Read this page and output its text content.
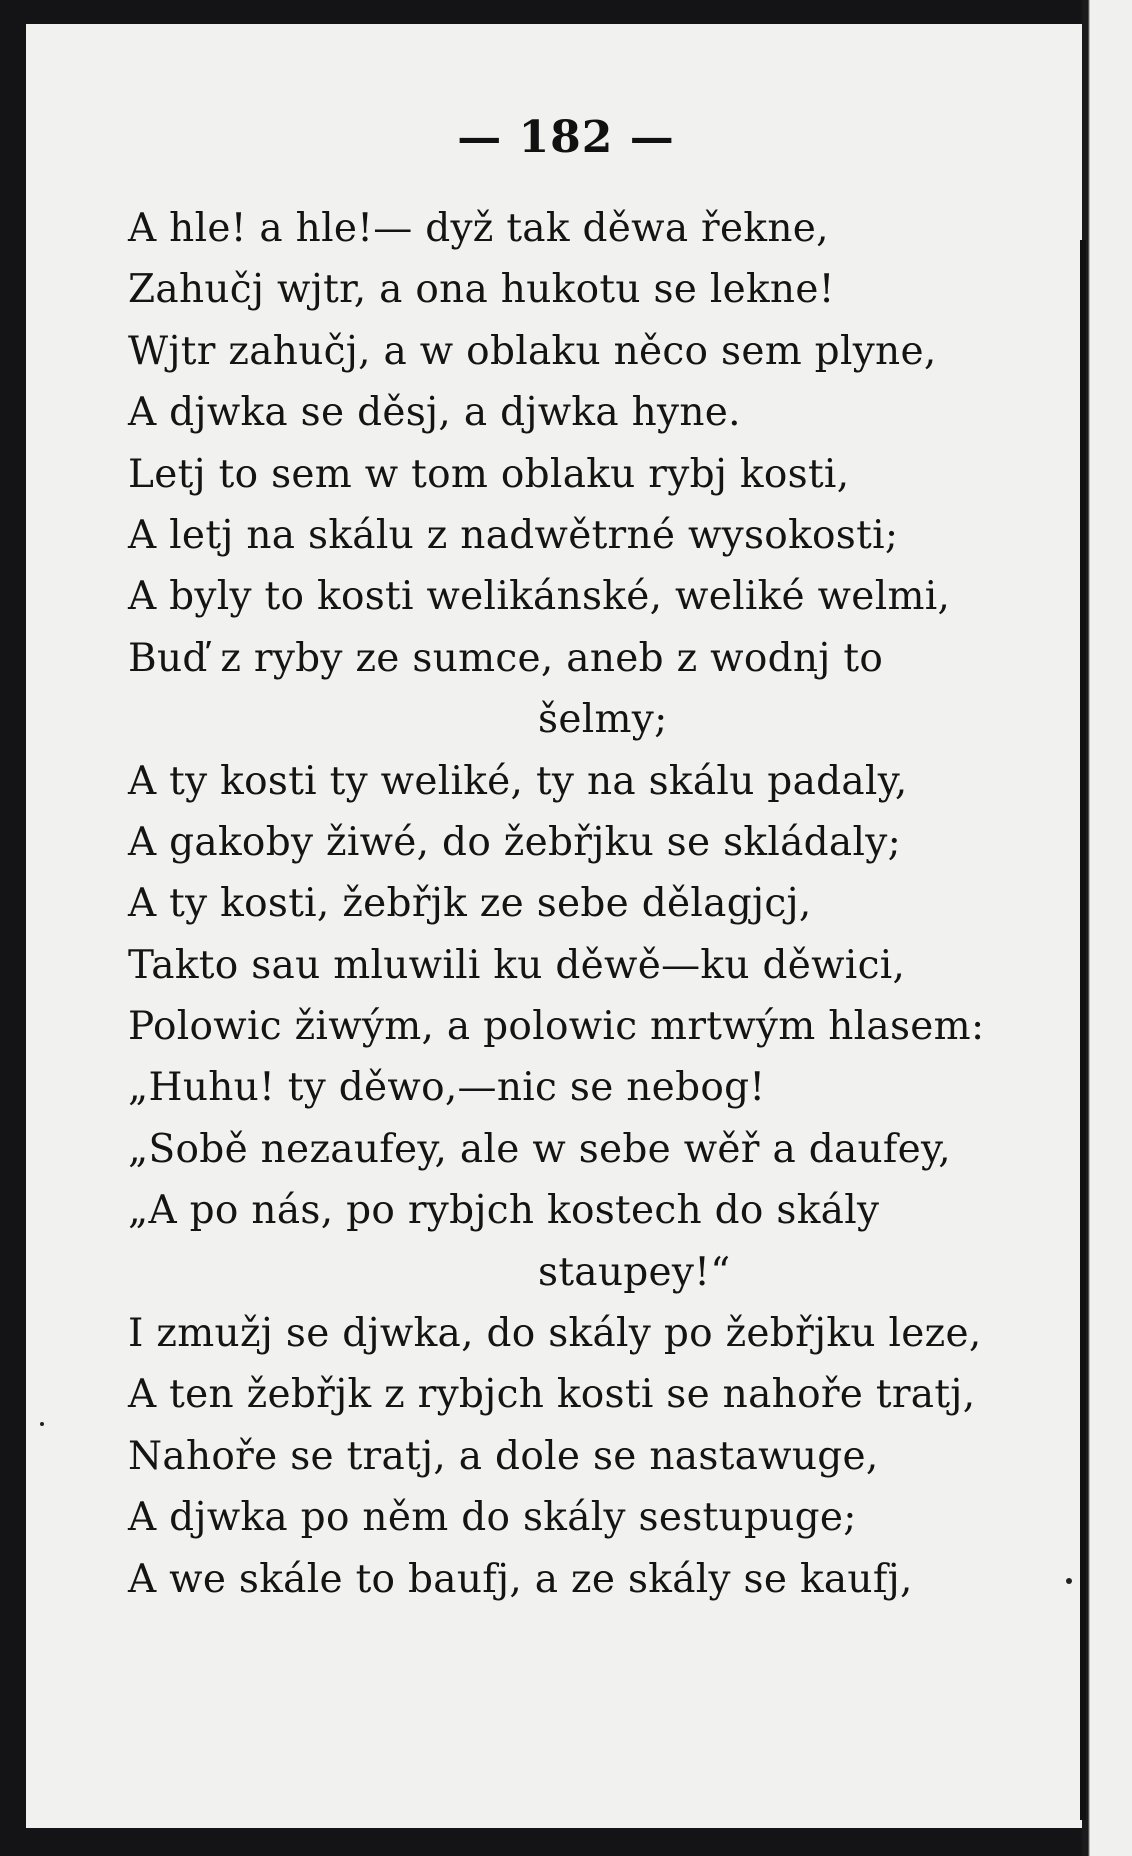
— 182 —
A hle! a hle!— dyž tak děwa řekne,
Zahučj wjtr, a ona hukotu se lekne!
Wjtr zahučj, a w oblaku něco sem plyne,
A djwka se děsj, a djwka hyne.
Letj to sem w tom oblaku rybj kosti,
A letj na skálu z nadwětrné wysokosti;
A byly to kosti welikánské, weliké welmi,
Buď z ryby ze sumce, aneb z wodnj to
šelmy;
A ty kosti ty weliké, ty na skálu padaly,
A gakoby žiwé, do žebřjku se skládaly;
A ty kosti, žebřjk ze sebe dělagjcj,
Takto sau mluwili ku děwě—ku děwici,
Polowic žiwým, a polowic mrtwým hlasem:
„Huhu! ty děwo,—nic se nebog!
„Sobě nezaufey, ale w sebe wěř a daufey,
„A po nás, po rybjch kostech do skály
staupey!“
I zmužj se djwka, do skály po žebřjku leze,
A ten žebřjk z rybjch kosti se nahoře tratj,
Nahoře se tratj, a dole se nastawuge,
A djwka po něm do skály sestupuge;
A we skále to baufj, a ze skály se kaufj,
